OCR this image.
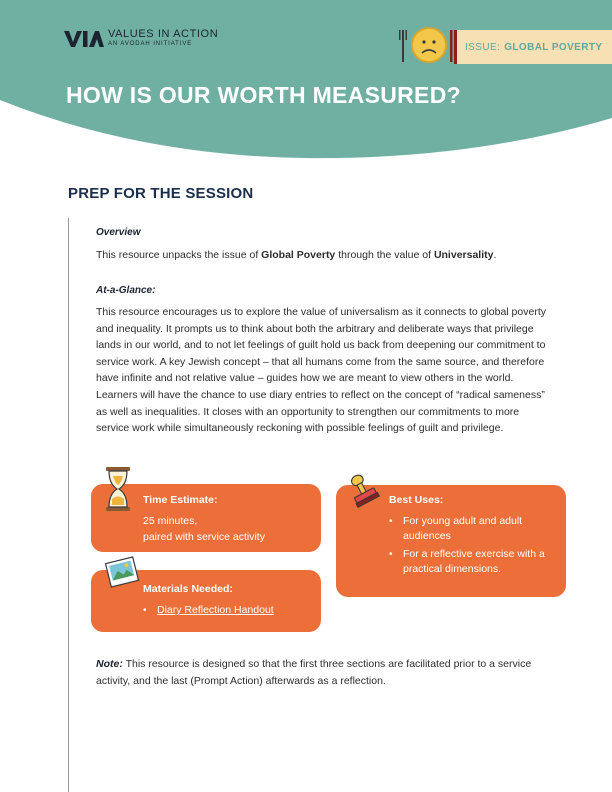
VALUES IN ACTION
AN AVODAH INITIATIVE	ISSUE: GLOBAL POVERTY
HOW IS OUR WORTH MEASURED?
PREP FOR THE SESSION
Overview
This resource unpacks the issue of Global Poverty through the value of Universality.
At-a-Glance:
This resource encourages us to explore the value of universalism as it connects to global poverty and inequality. It prompts us to think about both the arbitrary and deliberate ways that privilege lands in our world, and to not let feelings of guilt hold us back from deepening our commitment to service work. A key Jewish concept – that all humans come from the same source, and therefore have infinite and not relative value – guides how we are meant to view others in the world. Learners will have the chance to use diary entries to reflect on the concept of “radical sameness” as well as inequalities. It closes with an opportunity to strengthen our commitments to more service work while simultaneously reckoning with possible feelings of guilt and privilege.
Time Estimate:
25 minutes,
paired with service activity
Materials Needed:
• Diary Reflection Handout
Best Uses:
• For young adult and adult audiences
• For a reflective exercise with a practical dimensions.
Note: This resource is designed so that the first three sections are facilitated prior to a service activity, and the last (Prompt Action) afterwards as a reflection.
